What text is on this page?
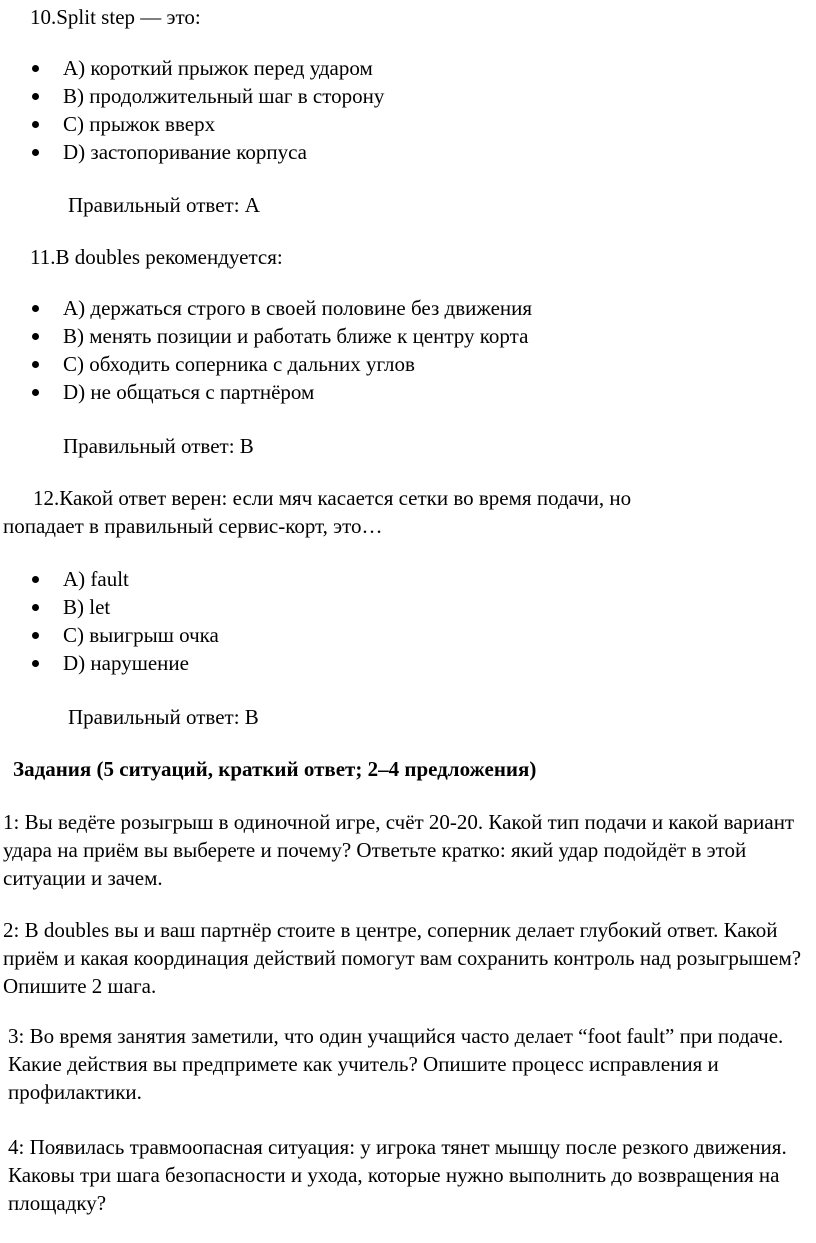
10.Split step — это:
A) короткий прыжок перед ударом
B) продолжительный шаг в сторону
C) прыжок вверх
D) застопоривание корпуса
Правильный ответ: A
11.В doubles рекомендуется:
A) держаться строго в своей половине без движения
B) менять позиции и работать ближе к центру корта
C) обходить соперника с дальних углов
D) не общаться с партнёром
Правильный ответ: B
12.Какой ответ верен: если мяч касается сетки во время подачи, но
попадает в правильный сервис-корт, это…
A) fault
B) let
C) выигрыш очка
D) нарушение
Правильный ответ: B
Задания (5 ситуаций, краткий ответ; 2–4 предложения)
1: Вы ведёте розыгрыш в одиночной игре, счёт 20-20. Какой тип подачи и какой вариант удара на приём вы выберете и почему? Ответьте кратко: який удар подойдёт в этой ситуации и зачем.
2: В doubles вы и ваш партнёр стоите в центре, соперник делает глубокий ответ. Какой приём и какая координация действий помогут вам сохранить контроль над розыгрышем? Опишите 2 шага.
3: Во время занятия заметили, что один учащийся часто делает “foot fault” при подаче. Какие действия вы предпримете как учитель? Опишите процесс исправления и профилактики.
4: Появилась травмоопасная ситуация: у игрока тянет мышцу после резкого движения. Каковы три шага безопасности и ухода, которые нужно выполнить до возвращения на площадку?
